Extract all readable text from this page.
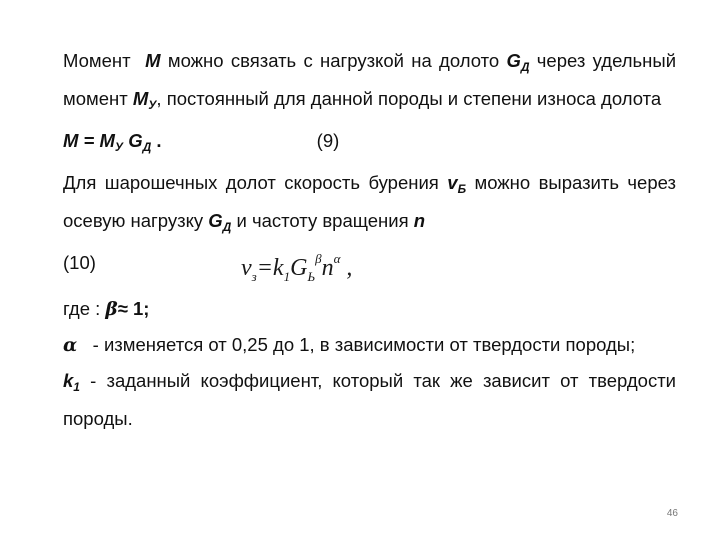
Момент M можно связать с нагрузкой на долото $G_Д$ через удельный момент $M_У$, постоянный для данной породы и степени износа долота

$M = M_У$ $G_Д$ .	(9)

Для шарошечных долот скорость бурения $v_Б$ можно выразить через осевую нагрузку $G_Д$ и частоту вращения n

(10)	$v_з=k_1G_Ь^\beta n^\alpha$ ,

где : β≈ 1;

α - изменяется от 0,25 до 1, в зависимости от твердости породы;

$k_1$ - заданный коэффициент, который так же зависит от твердости породы.

46
